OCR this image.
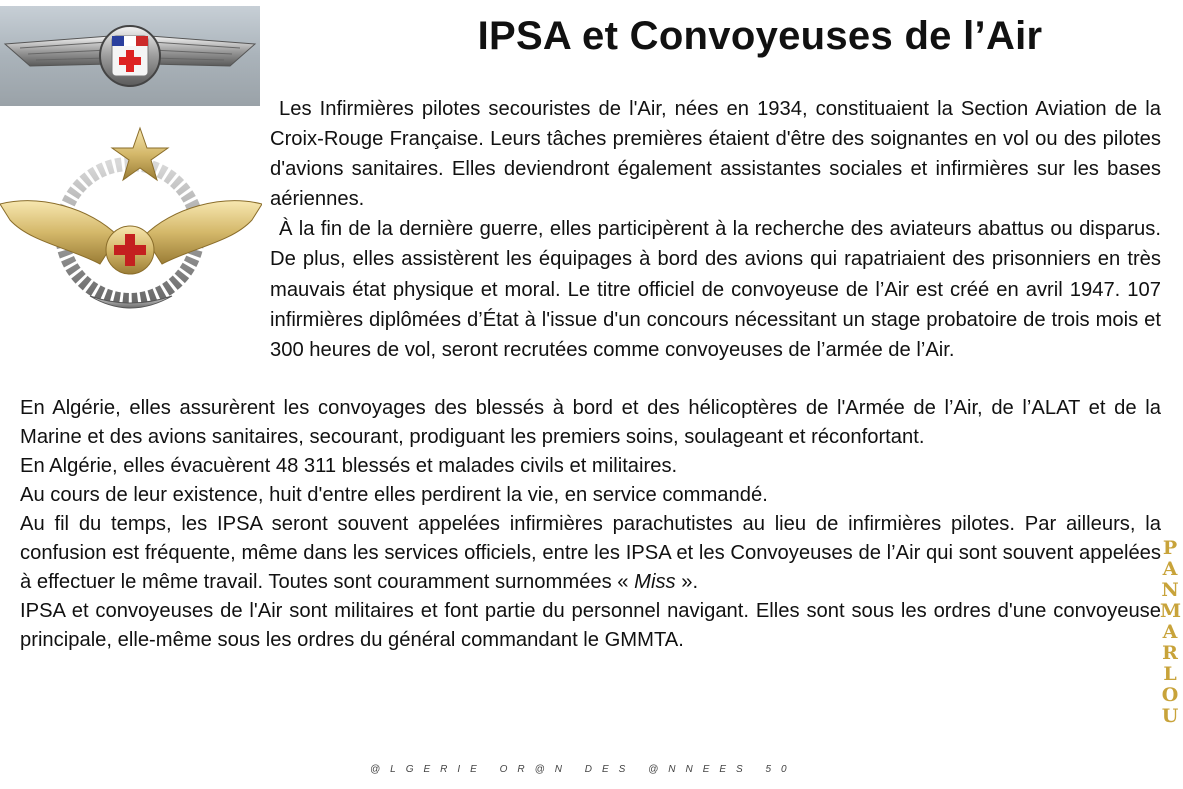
IPSA et Convoyeuses de l’Air

Les Infirmières pilotes secouristes de l'Air, nées en 1934, constituaient la Section Aviation de la Croix-Rouge Française. Leurs tâches premières étaient d'être des soignantes en vol ou des pilotes d'avions sanitaires. Elles deviendront également assistantes sociales et infirmières sur les bases aériennes.

À la fin de la dernière guerre, elles participèrent à la recherche des aviateurs abattus ou disparus. De plus, elles assistèrent les équipages à bord des avions qui rapatriaient des prisonniers en très mauvais état physique et moral. Le titre officiel de convoyeuse de l’Air est créé en avril 1947. 107 infirmières diplômées d’État à l'issue d'un concours nécessitant un stage probatoire de trois mois et 300 heures de vol, seront recrutées comme convoyeuses de l’armée de l’Air.

En Algérie, elles assurèrent les convoyages des blessés à bord et des hélicoptères de l'Armée de l’Air, de l’ALAT et de la Marine et des avions sanitaires, secourant, prodiguant les premiers soins, soulageant et réconfortant.

En Algérie, elles évacuèrent 48 311 blessés et malades civils et militaires.

Au cours de leur existence, huit d'entre elles perdirent la vie, en service commandé.

Au fil du temps, les IPSA seront souvent appelées infirmières parachutistes au lieu de infirmières pilotes. Par ailleurs, la confusion est fréquente, même dans les services officiels, entre les IPSA et les Convoyeuses de l’Air qui sont souvent appelées à effectuer le même travail. Toutes sont couramment surnommées « Miss ».

IPSA et convoyeuses de l'Air sont militaires et font partie du personnel navigant. Elles sont sous les ordres d'une convoyeuse principale, elle-même sous les ordres du général commandant le GMMTA.

P
A
N
M
A
R
L
O
U
@LGERIE OR@N DES @NNEES 50
